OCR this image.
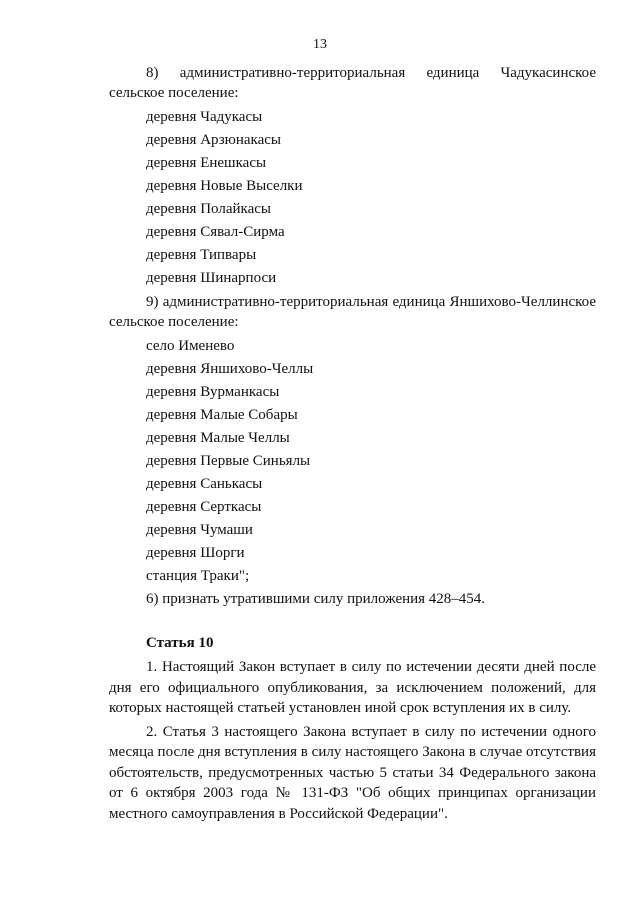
13

8) административно-территориальная единица Чадукасинское сельское поселение:

деревня Чадукасы
деревня Арзюнакасы
деревня Енешкасы
деревня Новые Выселки
деревня Полайкасы
деревня Сявал-Сирма
деревня Типвары
деревня Шинарпоси

9) административно-территориальная единица Яншихово-Челлинское сельское поселение:

село Именево
деревня Яншихово-Челлы
деревня Вурманкасы
деревня Малые Собары
деревня Малые Челлы
деревня Первые Синьялы
деревня Санькасы
деревня Серткасы
деревня Чумаши
деревня Шорги
станция Траки";
6) признать утратившими силу приложения 428–454.
Статья 10

1. Настоящий Закон вступает в силу по истечении десяти дней после дня его официального опубликования, за исключением положений, для которых настоящей статьей установлен иной срок вступления их в силу.

2. Статья 3 настоящего Закона вступает в силу по истечении одного месяца после дня вступления в силу настоящего Закона в случае отсутствия обстоятельств, предусмотренных частью 5 статьи 34 Федерального закона от 6 октября 2003 года № 131-ФЗ "Об общих принципах организации местного самоуправления в Российской Федерации".
